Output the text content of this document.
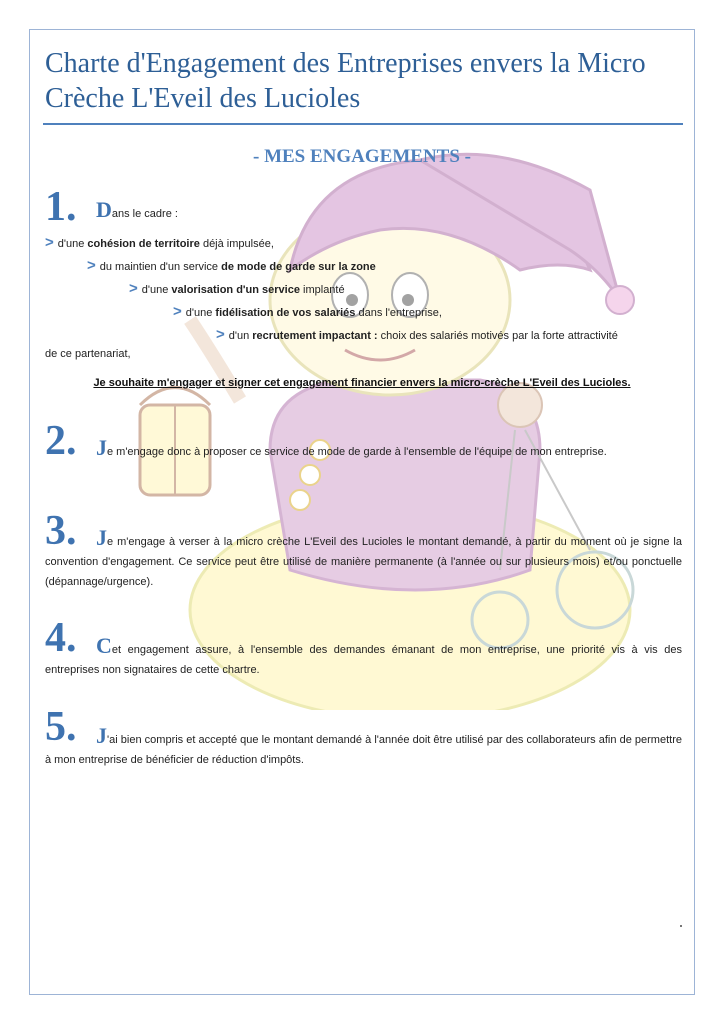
Charte d'Engagement des Entreprises envers la Micro Crèche L'Eveil des Lucioles
- MES ENGAGEMENTS -
1. Dans le cadre :
> d'une cohésion de territoire déjà impulsée,
> du maintien d'un service de mode de garde sur la zone
> d'une valorisation d'un service implanté
> d'une fidélisation de vos salariés dans l'entreprise,
> d'un recrutement impactant : choix des salariés motivés par la forte attractivité
de ce partenariat,
Je souhaite m'engager et signer cet engagement financier envers la micro-crèche L'Eveil des Lucioles.
2. Je m'engage donc à proposer ce service de mode de garde à l'ensemble de l'équipe de mon entreprise.
3. Je m'engage à verser à la micro crèche L'Eveil des Lucioles le montant demandé, à partir du moment où je signe la convention d'engagement. Ce service peut être utilisé de manière permanente (à l'année ou sur plusieurs mois) et/ou ponctuelle (dépannage/urgence).
4. Cet engagement assure, à l'ensemble des demandes émanant de mon entreprise, une priorité vis à vis des entreprises non signataires de cette chartre.
5. J'ai bien compris et accepté que le montant demandé à l'année doit être utilisé par des collaborateurs afin de permettre à mon entreprise de bénéficier de réduction d'impôts.
